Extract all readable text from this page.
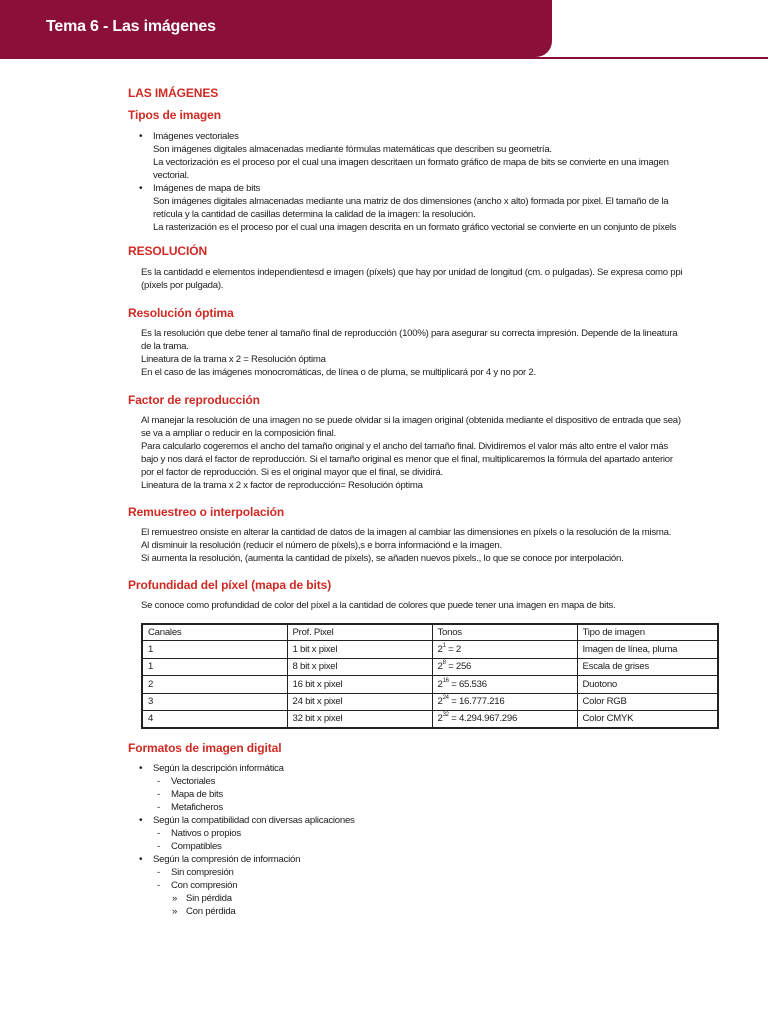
Tema 6 - Las imágenes
LAS IMÁGENES
Tipos de imagen
• Imágenes vectoriales
Son imágenes digitales almacenadas mediante fórmulas matemáticas que describen su geometría.
La vectorización es el proceso por el cual una imagen descritaen un formato gráfico de mapa de bits se convierte en una imagen
vectorial.
• Imágenes de mapa de bits
Son imágenes digitales almacenadas mediante una matriz de dos dimensiones (ancho x alto) formada por pixel. El tamaño de la
retícula y la cantidad de casillas determina la calidad de la imagen: la resolución.
La rasterización es el proceso por el cual una imagen descrita en un formato gráfico vectorial se convierte en un conjunto de píxels
RESOLUCIÓN
Es la cantidadd e elementos independientesd e imagen (píxels) que hay por unidad de longitud (cm. o pulgadas). Se expresa como ppi
(píxels por pulgada).
Resolución óptima
Es la resolución que debe tener al tamaño final de reproducción (100%) para asegurar su correcta impresión. Depende de la lineatura
de la trama.
Lineatura de la trama x 2 = Resolución óptima
En el caso de las imágenes monocromáticas, de línea o de pluma, se multiplicará por 4 y no por 2.
Factor de reproducción
Al manejar la resolución de una imagen no se puede olvidar si la imagen original (obtenida mediante el dispositivo de entrada que sea)
se va a ampliar o reducir en la composición final.
Para calcularlo cogeremos el ancho del tamaño original y el ancho del tamaño final. Dividiremos el valor más alto entre el valor más
bajo y nos dará el factor de reproducción. Si el tamaño original es menor que el final, multiplicaremos la fórmula del apartado anterior
por el factor de reproducción. Si es el original mayor que el final, se dividirá.
Lineatura de la trama x 2 x factor de reproducción= Resolución óptima
Remuestreo o interpolación
El remuestreo onsiste en alterar la cantidad de datos de la imagen al cambiar las dimensiones en píxels o la resolución de la misma.
Al disminuir la resolución (reducir el número de píxels),s e borra informaciónd e la imagen.
Si aumenta la resolución, (aumenta la cantidad de píxels), se añaden nuevos píxels., lo que se conoce por interpolación.
Profundidad del píxel (mapa de bits)
Se conoce como profundidad de color del píxel a la cantidad de colores que puede tener una imagen en mapa de bits.
Canales	Prof. Pixel	Tonos	Tipo de imagen
1	1 bit x pixel	$2^1 = 2$	Imagen de línea, pluma
1	8 bit x pixel	$2^8 = 256$	Escala de grises
2	16 bit x pixel	$2^{16} = 65.536$	Duotono
3	24 bit x pixel	$2^{24} = 16.777.216$	Color RGB
4	32 bit x pixel	$2^{32} = 4.294.967.296$	Color CMYK
Formatos de imagen digital
• Según la descripción informática
- Vectoriales
- Mapa de bits
- Metaficheros
• Según la compatibilidad con diversas aplicaciones
- Nativos o propios
- Compatibles
• Según la compresión de información
- Sin compresión
- Con compresión
» Sin pérdida
» Con pérdida
